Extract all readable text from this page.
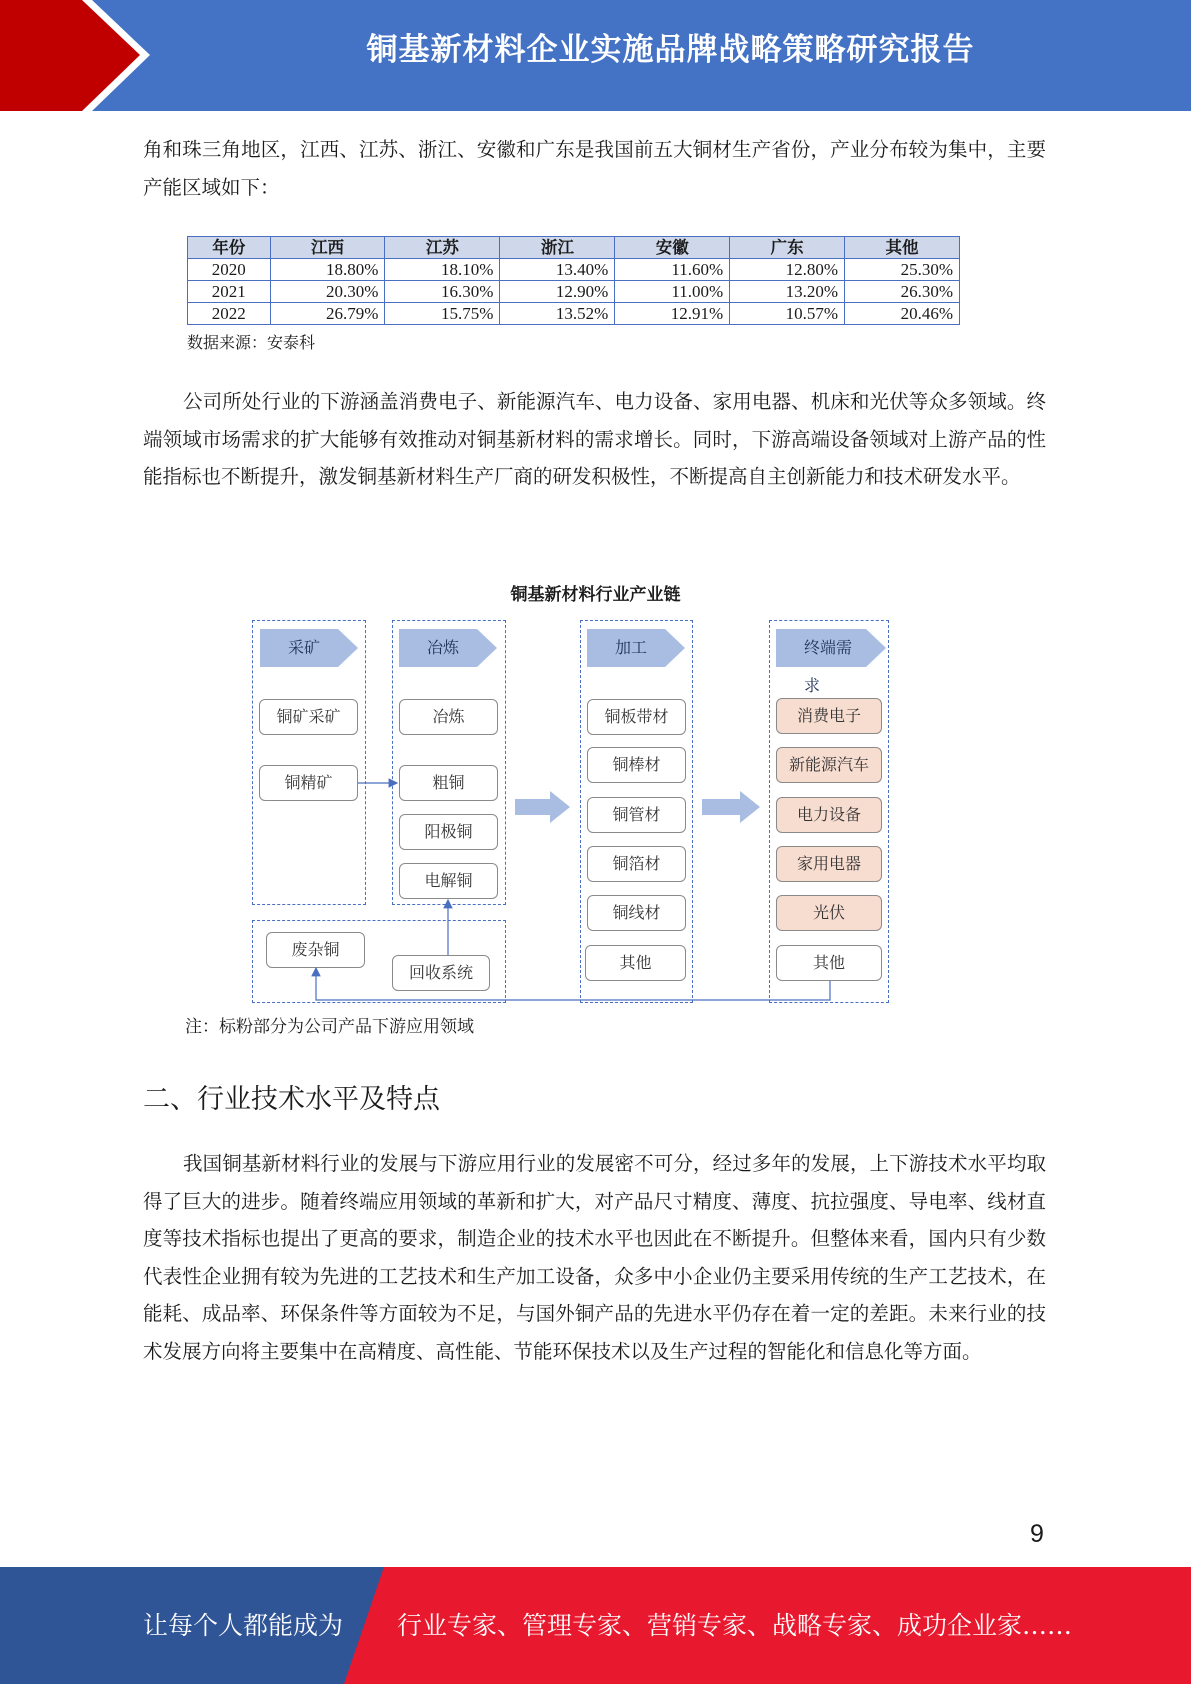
铜基新材料企业实施品牌战略策略研究报告

角和珠三角地区，江西、江苏、浙江、安徽和广东是我国前五大铜材生产省份，产业分布较为集中，主要产能区域如下：

年份	江西	江苏	浙江	安徽	广东	其他
2020	18.80%	18.10%	13.40%	11.60%	12.80%	25.30%
2021	20.30%	16.30%	12.90%	11.00%	13.20%	26.30%
2022	26.79%	15.75%	13.52%	12.91%	10.57%	20.46%
数据来源：安泰科

公司所处行业的下游涵盖消费电子、新能源汽车、电力设备、家用电器、机床和光伏等众多领域。终端领域市场需求的扩大能够有效推动对铜基新材料的需求增长。同时，下游高端设备领域对上游产品的性能指标也不断提升，激发铜基新材料生产厂商的研发积极性，不断提高自主创新能力和技术研发水平。

铜基新材料行业产业链
采矿	冶炼	加工	终端需求
铜矿采矿
铜精矿
冶炼
粗铜
阳极铜
电解铜
铜板带材
铜棒材
铜管材
铜箔材
铜线材
其他
消费电子
新能源汽车
电力设备
家用电器
光伏
其他
废杂铜
回收系统
注：标粉部分为公司产品下游应用领域
二、行业技术水平及特点

我国铜基新材料行业的发展与下游应用行业的发展密不可分，经过多年的发展，上下游技术水平均取得了巨大的进步。随着终端应用领域的革新和扩大，对产品尺寸精度、薄度、抗拉强度、导电率、线材直度等技术指标也提出了更高的要求，制造企业的技术水平也因此在不断提升。但整体来看，国内只有少数代表性企业拥有较为先进的工艺技术和生产加工设备，众多中小企业仍主要采用传统的生产工艺技术，在能耗、成品率、环保条件等方面较为不足，与国外铜产品的先进水平仍存在着一定的差距。未来行业的技术发展方向将主要集中在高精度、高性能、节能环保技术以及生产过程的智能化和信息化等方面。

9
让每个人都能成为 行业专家、管理专家、营销专家、战略专家、成功企业家……
